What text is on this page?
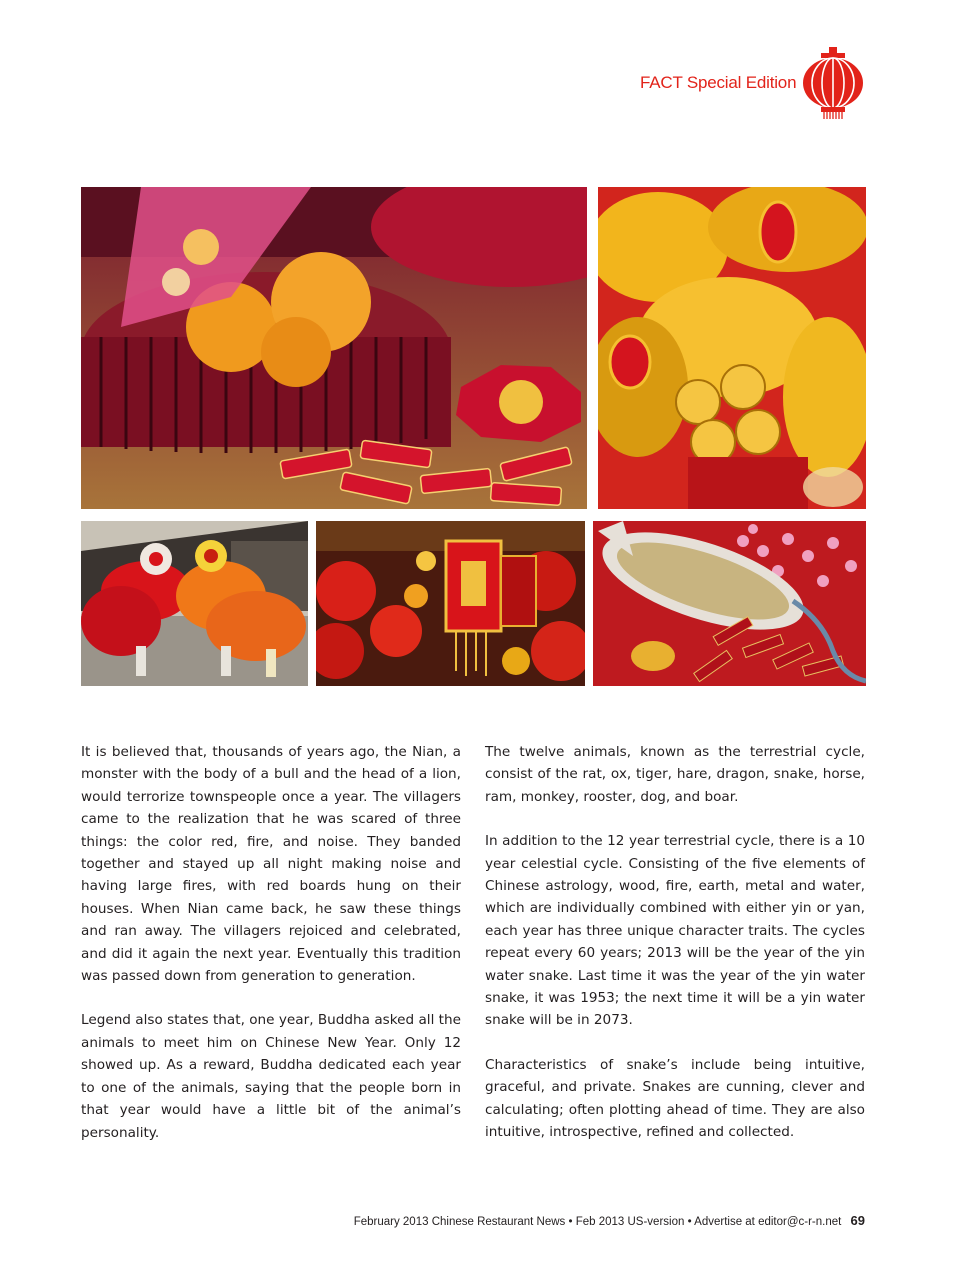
FACT Special Edition

It is believed that, thousands of years ago, the Nian, a monster with the body of a bull and the head of a lion, would terrorize townspeople once a year. The villagers came to the realization that he was scared of three things: the color red, fire, and noise. They banded together and stayed up all night making noise and having large fires, with red boards hung on their houses. When Nian came back, he saw these things and ran away. The villagers rejoiced and celebrated, and did it again the next year. Eventually this tradition was passed down from generation to generation.

Legend also states that, one year, Buddha asked all the animals to meet him on Chinese New Year. Only 12 showed up. As a reward, Buddha dedicated each year to one of the animals, saying that the people born in that year would have a little bit of the animal’s personality.

The twelve animals, known as the terrestrial cycle, consist of the rat, ox, tiger, hare, dragon, snake, horse, ram, monkey, rooster, dog, and boar.

In addition to the 12 year terrestrial cycle, there is a 10 year celestial cycle. Consisting of the five elements of Chinese astrology, wood, fire, earth, metal and water, which are individually combined with either yin or yan, each year has three unique character traits. The cycles repeat every 60 years; 2013 will be the year of the yin water snake. Last time it was the year of the yin water snake, it was 1953; the next time it will be a yin water snake will be in 2073.

Characteristics of snake’s include being intuitive, graceful, and private. Snakes are cunning, clever and calculating; often plotting ahead of time. They are also intuitive, introspective, refined and collected.

February 2013 Chinese Restaurant News • Feb 2013 US-version • Advertise at editor@c-r-n.net 69
